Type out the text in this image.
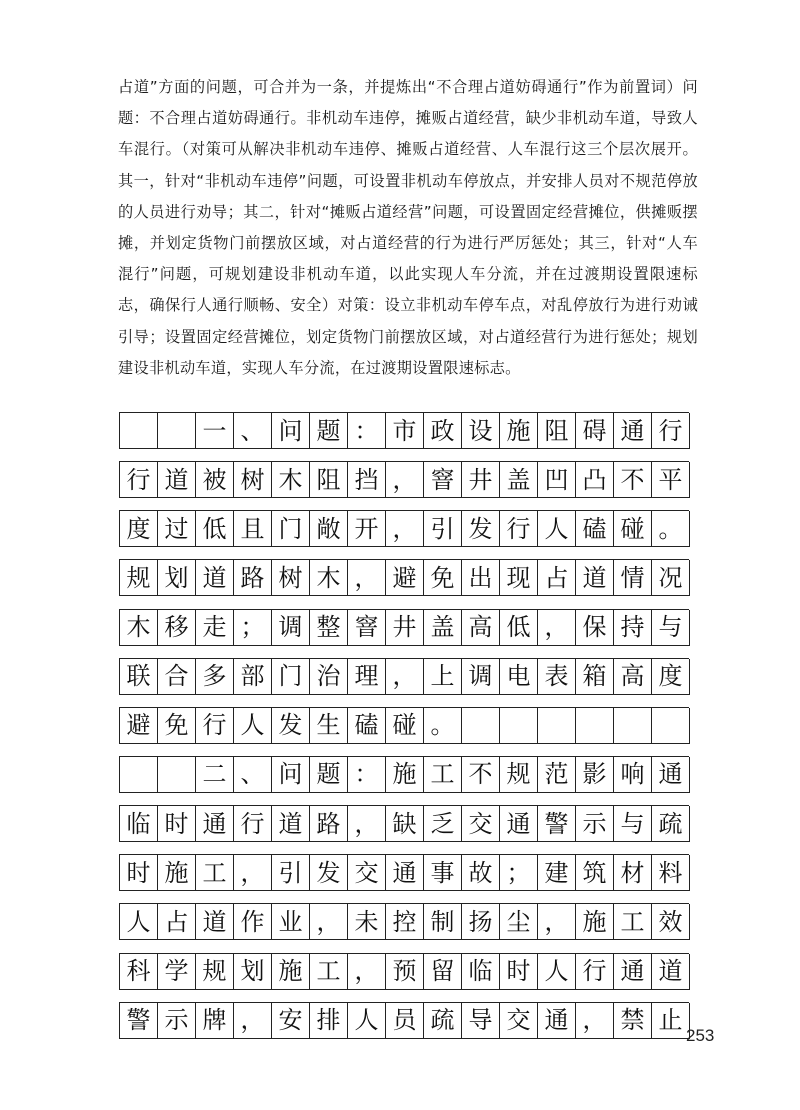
占道”方面的问题，可合并为一条，并提炼出“不合理占道妨碍通行”作为前置词）问题：不合理占道妨碍通行。非机动车违停，摊贩占道经营，缺少非机动车道，导致人车混行。（对策可从解决非机动车违停、摊贩占道经营、人车混行这三个层次展开。其一，针对“非机动车违停”问题，可设置非机动车停放点，并安排人员对不规范停放的人员进行劝导；其二，针对“摊贩占道经营”问题，可设置固定经营摊位，供摊贩摆摊，并划定货物门前摆放区域，对占道经营的行为进行严厉惩处；其三，针对“人车混行”问题，可规划建设非机动车道，以此实现人车分流，并在过渡期设置限速标志，确保行人通行顺畅、安全）对策：设立非机动车停车点，对乱停放行为进行劝诫引导；设置固定经营摊位，划定货物门前摆放区域，对占道经营行为进行惩处；规划建设非机动车道，实现人车分流，在过渡期设置限速标志。

一 、 问 题 ： 市 政 设 施 阻 碍 通 行
行 道 被 树 木 阻 挡 ， 窨 井 盖 凹 凸 不 平
度 过 低 且 门 敞 开 ， 引 发 行 人 磕 碰 。
规 划 道 路 树 木 ， 避 免 出 现 占 道 情 况
木 移 走 ； 调 整 窨 井 盖 高 低 ， 保 持 与
联 合 多 部 门 治 理 ， 上 调 电 表 箱 高 度
避 免 行 人 发 生 磕 碰 。
二 、 问 题 ： 施 工 不 规 范 影 响 通
临 时 通 行 道 路 ， 缺 乏 交 通 警 示 与 疏
时 施 工 ， 引 发 交 通 事 故 ； 建 筑 材 料
人 占 道 作 业 ， 未 控 制 扬 尘 ， 施 工 效
科 学 规 划 施 工 ， 预 留 临 时 人 行 通 道
警 示 牌 ， 安 排 人 员 疏 导 交 通 ， 禁 止
253
